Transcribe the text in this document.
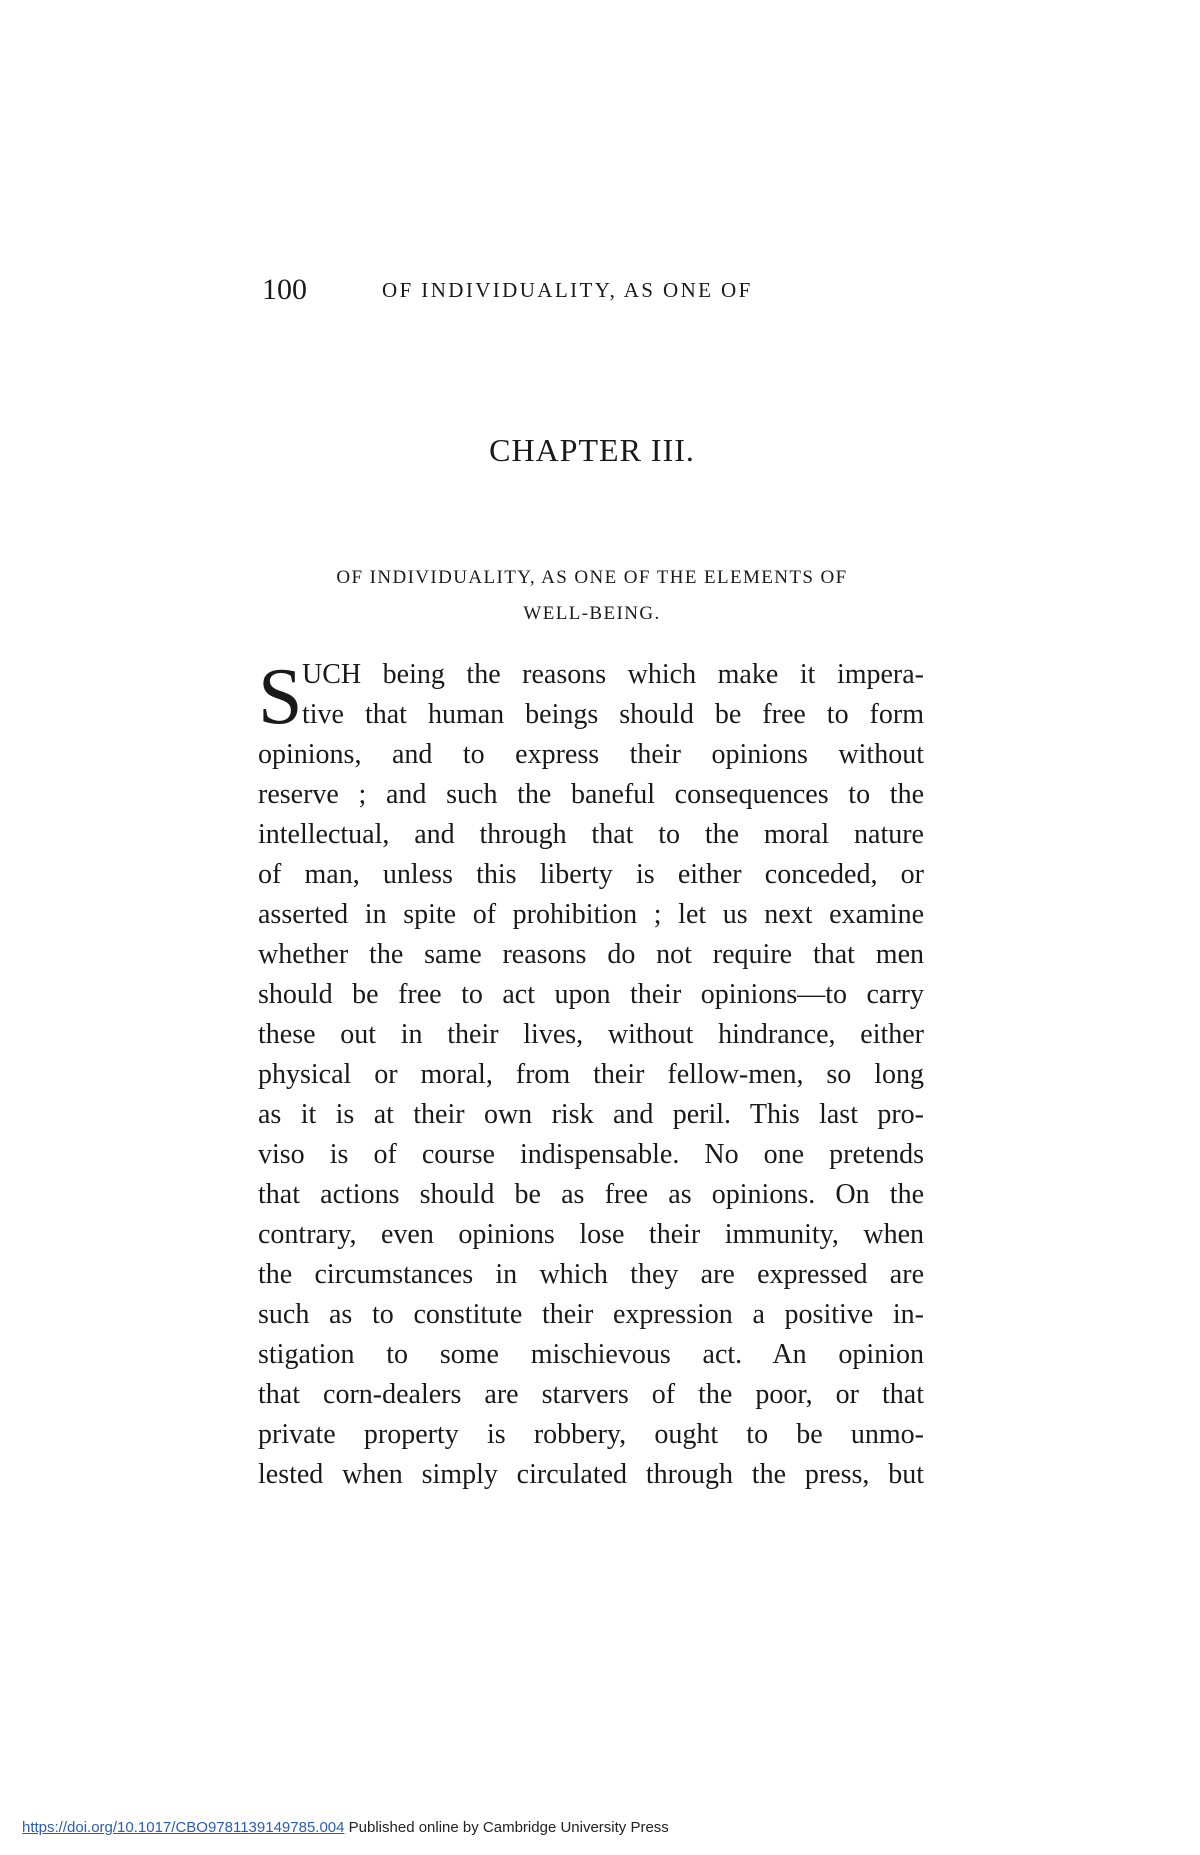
100	OF INDIVIDUALITY, AS ONE OF
CHAPTER III.
OF INDIVIDUALITY, AS ONE OF THE ELEMENTS OF
WELL-BEING.
S UCH being the reasons which make it impera-
tive that human beings should be free to form
opinions, and to express their opinions without
reserve ; and such the baneful consequences to the
intellectual, and through that to the moral nature
of man, unless this liberty is either conceded, or
asserted in spite of prohibition ; let us next examine
whether the same reasons do not require that men
should be free to act upon their opinions—to carry
these out in their lives, without hindrance, either
physical or moral, from their fellow-men, so long
as it is at their own risk and peril. This last pro-
viso is of course indispensable. No one pretends
that actions should be as free as opinions. On the
contrary, even opinions lose their immunity, when
the circumstances in which they are expressed are
such as to constitute their expression a positive in-
stigation to some mischievous act. An opinion
that corn-dealers are starvers of the poor, or that
private property is robbery, ought to be unmo-
lested when simply circulated through the press, but
https://doi.org/10.1017/CBO9781139149785.004 Published online by Cambridge University Press
